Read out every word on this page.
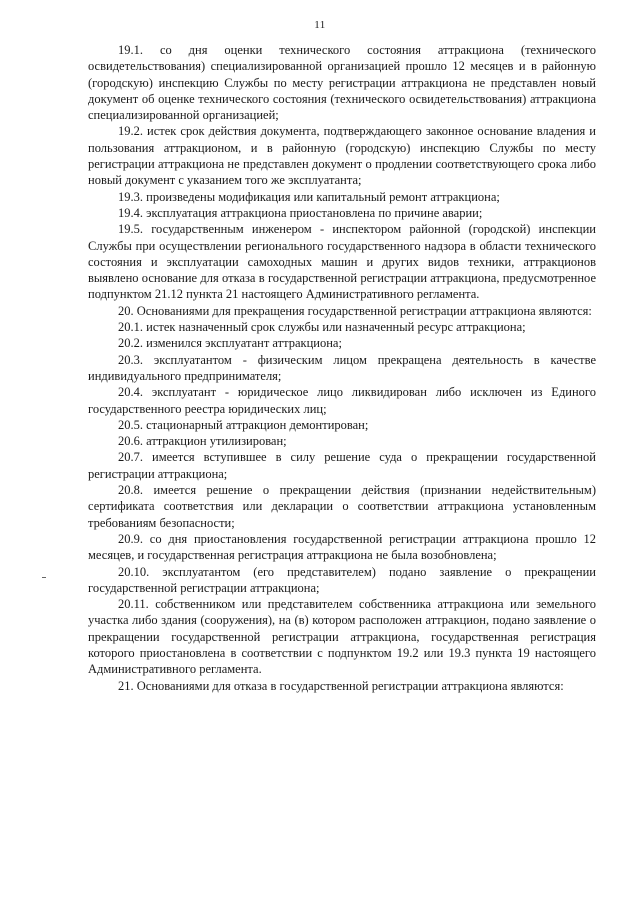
11

19.1. со дня оценки технического состояния аттракциона (технического освидетельствования) специализированной организацией прошло 12 месяцев и в районную (городскую) инспекцию Службы по месту регистрации аттракциона не представлен новый документ об оценке технического состояния (технического освидетельствования) аттракциона специализированной организацией;

19.2. истек срок действия документа, подтверждающего законное основание владения и пользования аттракционом, и в районную (городскую) инспекцию Службы по месту регистрации аттракциона не представлен документ о продлении соответствующего срока либо новый документ с указанием того же эксплуатанта;

19.3. произведены модификация или капитальный ремонт аттракциона;

19.4. эксплуатация аттракциона приостановлена по причине аварии;

19.5. государственным инженером - инспектором районной (городской) инспекции Службы при осуществлении регионального государственного надзора в области технического состояния и эксплуатации самоходных машин и других видов техники, аттракционов выявлено основание для отказа в государственной регистрации аттракциона, предусмотренное подпунктом 21.12 пункта 21 настоящего Административного регламента.

20. Основаниями для прекращения государственной регистрации аттракциона являются:

20.1. истек назначенный срок службы или назначенный ресурс аттракциона;

20.2. изменился эксплуатант аттракциона;

20.3. эксплуатантом - физическим лицом прекращена деятельность в качестве индивидуального предпринимателя;

20.4. эксплуатант - юридическое лицо ликвидирован либо исключен из Единого государственного реестра юридических лиц;

20.5. стационарный аттракцион демонтирован;

20.6. аттракцион утилизирован;

20.7. имеется вступившее в силу решение суда о прекращении государственной регистрации аттракциона;

20.8. имеется решение о прекращении действия (признании недействительным) сертификата соответствия или декларации о соответствии аттракциона установленным требованиям безопасности;

20.9. со дня приостановления государственной регистрации аттракциона прошло 12 месяцев, и государственная регистрация аттракциона не была возобновлена;

20.10. эксплуатантом (его представителем) подано заявление о прекращении государственной регистрации аттракциона;

20.11. собственником или представителем собственника аттракциона или земельного участка либо здания (сооружения), на (в) котором расположен аттракцион, подано заявление о прекращении государственной регистрации аттракциона, государственная регистрация которого приостановлена в соответствии с подпунктом 19.2 или 19.3 пункта 19 настоящего Административного регламента.

21. Основаниями для отказа в государственной регистрации аттракциона являются:
